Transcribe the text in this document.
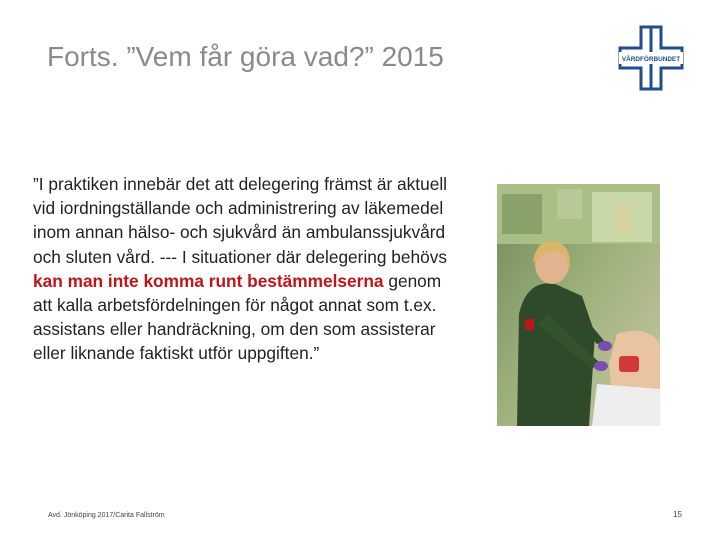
Forts. ”Vem får göra vad?” 2015	VÅRDFÖRBUNDET
”I praktiken innebär det att delegering främst är aktuell vid iordningställande och administrering av läkemedel inom annan hälso- och sjukvård än ambulanssjukvård och sluten vård. --- I situationer där delegering behövs kan man inte komma runt bestämmelserna genom att kalla arbetsfördelningen för något annat som t.ex. assistans eller handräckning, om den som assisterar eller liknande faktiskt utför uppgiften.”
Avd. Jönköping 2017/Carita Fallström	15
